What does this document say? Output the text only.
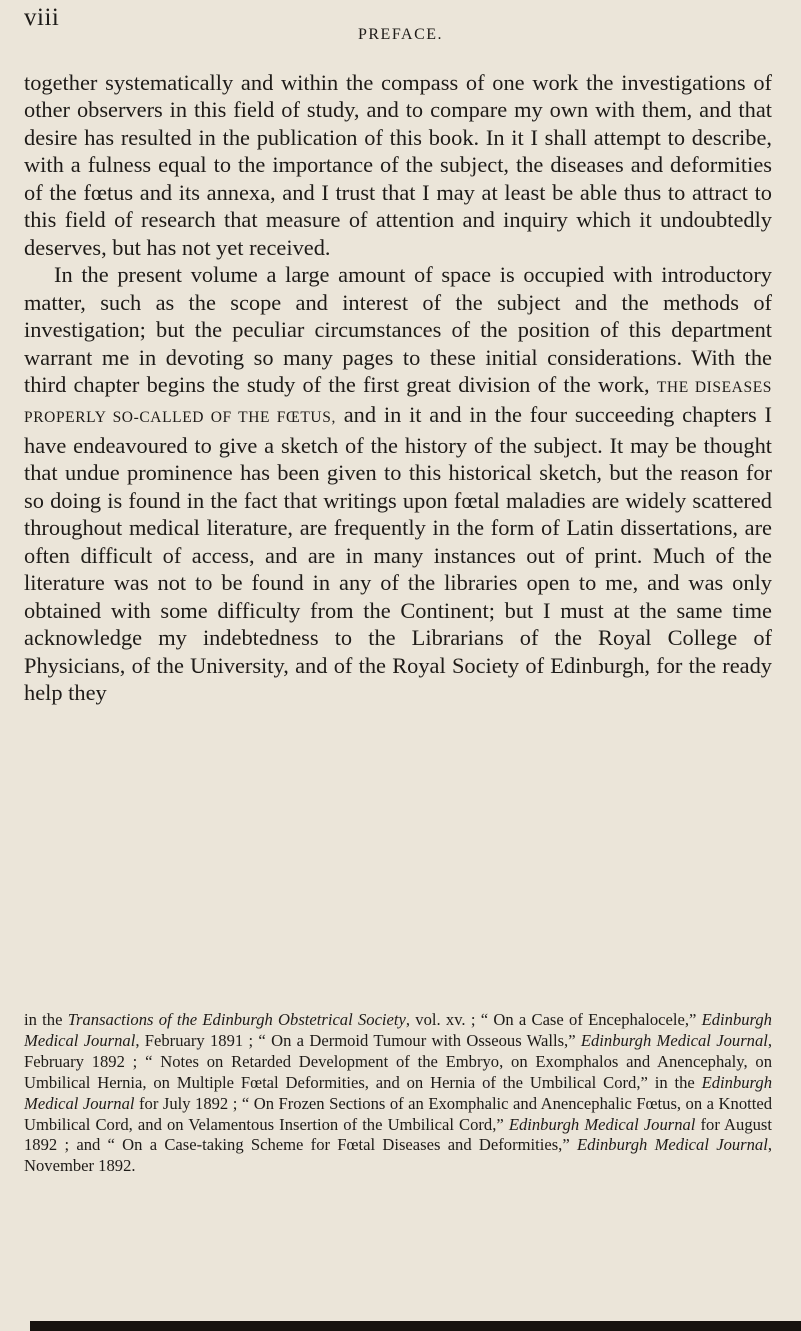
viii
PREFACE.

together systematically and within the compass of one work the investigations of other observers in this field of study, and to compare my own with them, and that desire has resulted in the publication of this book. In it I shall attempt to describe, with a fulness equal to the importance of the subject, the diseases and deformities of the fœtus and its annexa, and I trust that I may at least be able thus to attract to this field of research that measure of attention and inquiry which it undoubtedly deserves, but has not yet received.

In the present volume a large amount of space is occupied with introductory matter, such as the scope and interest of the subject and the methods of investigation; but the peculiar circumstances of the position of this department warrant me in devoting so many pages to these initial considerations. With the third chapter begins the study of the first great division of the work, THE DISEASES PROPERLY SO-CALLED OF THE FŒTUS, and in it and in the four succeeding chapters I have endeavoured to give a sketch of the history of the subject. It may be thought that undue prominence has been given to this historical sketch, but the reason for so doing is found in the fact that writings upon fœtal maladies are widely scattered throughout medical literature, are frequently in the form of Latin dissertations, are often difficult of access, and are in many instances out of print. Much of the literature was not to be found in any of the libraries open to me, and was only obtained with some difficulty from the Continent; but I must at the same time acknowledge my indebtedness to the Librarians of the Royal College of Physicians, of the University, and of the Royal Society of Edinburgh, for the ready help they

in the Transactions of the Edinburgh Obstetrical Society, vol. xv. ; “ On a Case of Encephalocele,” Edinburgh Medical Journal, February 1891 ; “ On a Dermoid Tumour with Osseous Walls,” Edinburgh Medical Journal, February 1892 ; “ Notes on Retarded Development of the Embryo, on Exomphalos and Anencephaly, on Umbilical Hernia, on Multiple Fœtal Deformities, and on Hernia of the Umbilical Cord,” in the Edinburgh Medical Journal for July 1892 ; “ On Frozen Sections of an Exomphalic and Anencephalic Fœtus, on a Knotted Umbilical Cord, and on Velamentous Insertion of the Umbilical Cord,” Edinburgh Medical Journal for August 1892 ; and “ On a Case-taking Scheme for Fœtal Diseases and Deformities,” Edinburgh Medical Journal, November 1892.
